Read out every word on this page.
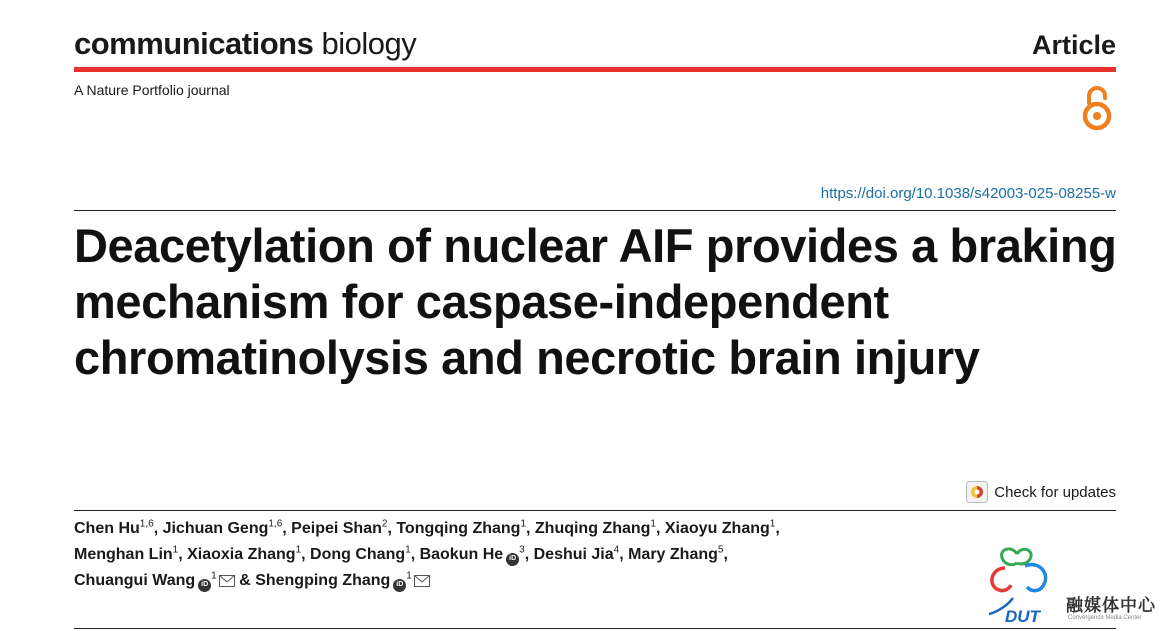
communications biology	Article
A Nature Portfolio journal
https://doi.org/10.1038/s42003-025-08255-w
Deacetylation of nuclear AIF provides a braking mechanism for caspase-independent chromatinolysis and necrotic brain injury
Check for updates
Chen Hu$^{1,6}$, Jichuan Geng$^{1,6}$, Peipei Shan$^2$, Tongqing Zhang$^1$, Zhuqing Zhang$^1$, Xiaoyu Zhang$^1$,
Menghan Lin$^1$, Xiaoxia Zhang$^1$, Dong Chang$^1$, Baokun He $iD^3$, Deshui Jia$^4$, Mary Zhang$^5$,
Chuangui Wang $iD^1$ & Shengping Zhang $iD^1$
DUT
融媒体中心
Convergence Media Center
